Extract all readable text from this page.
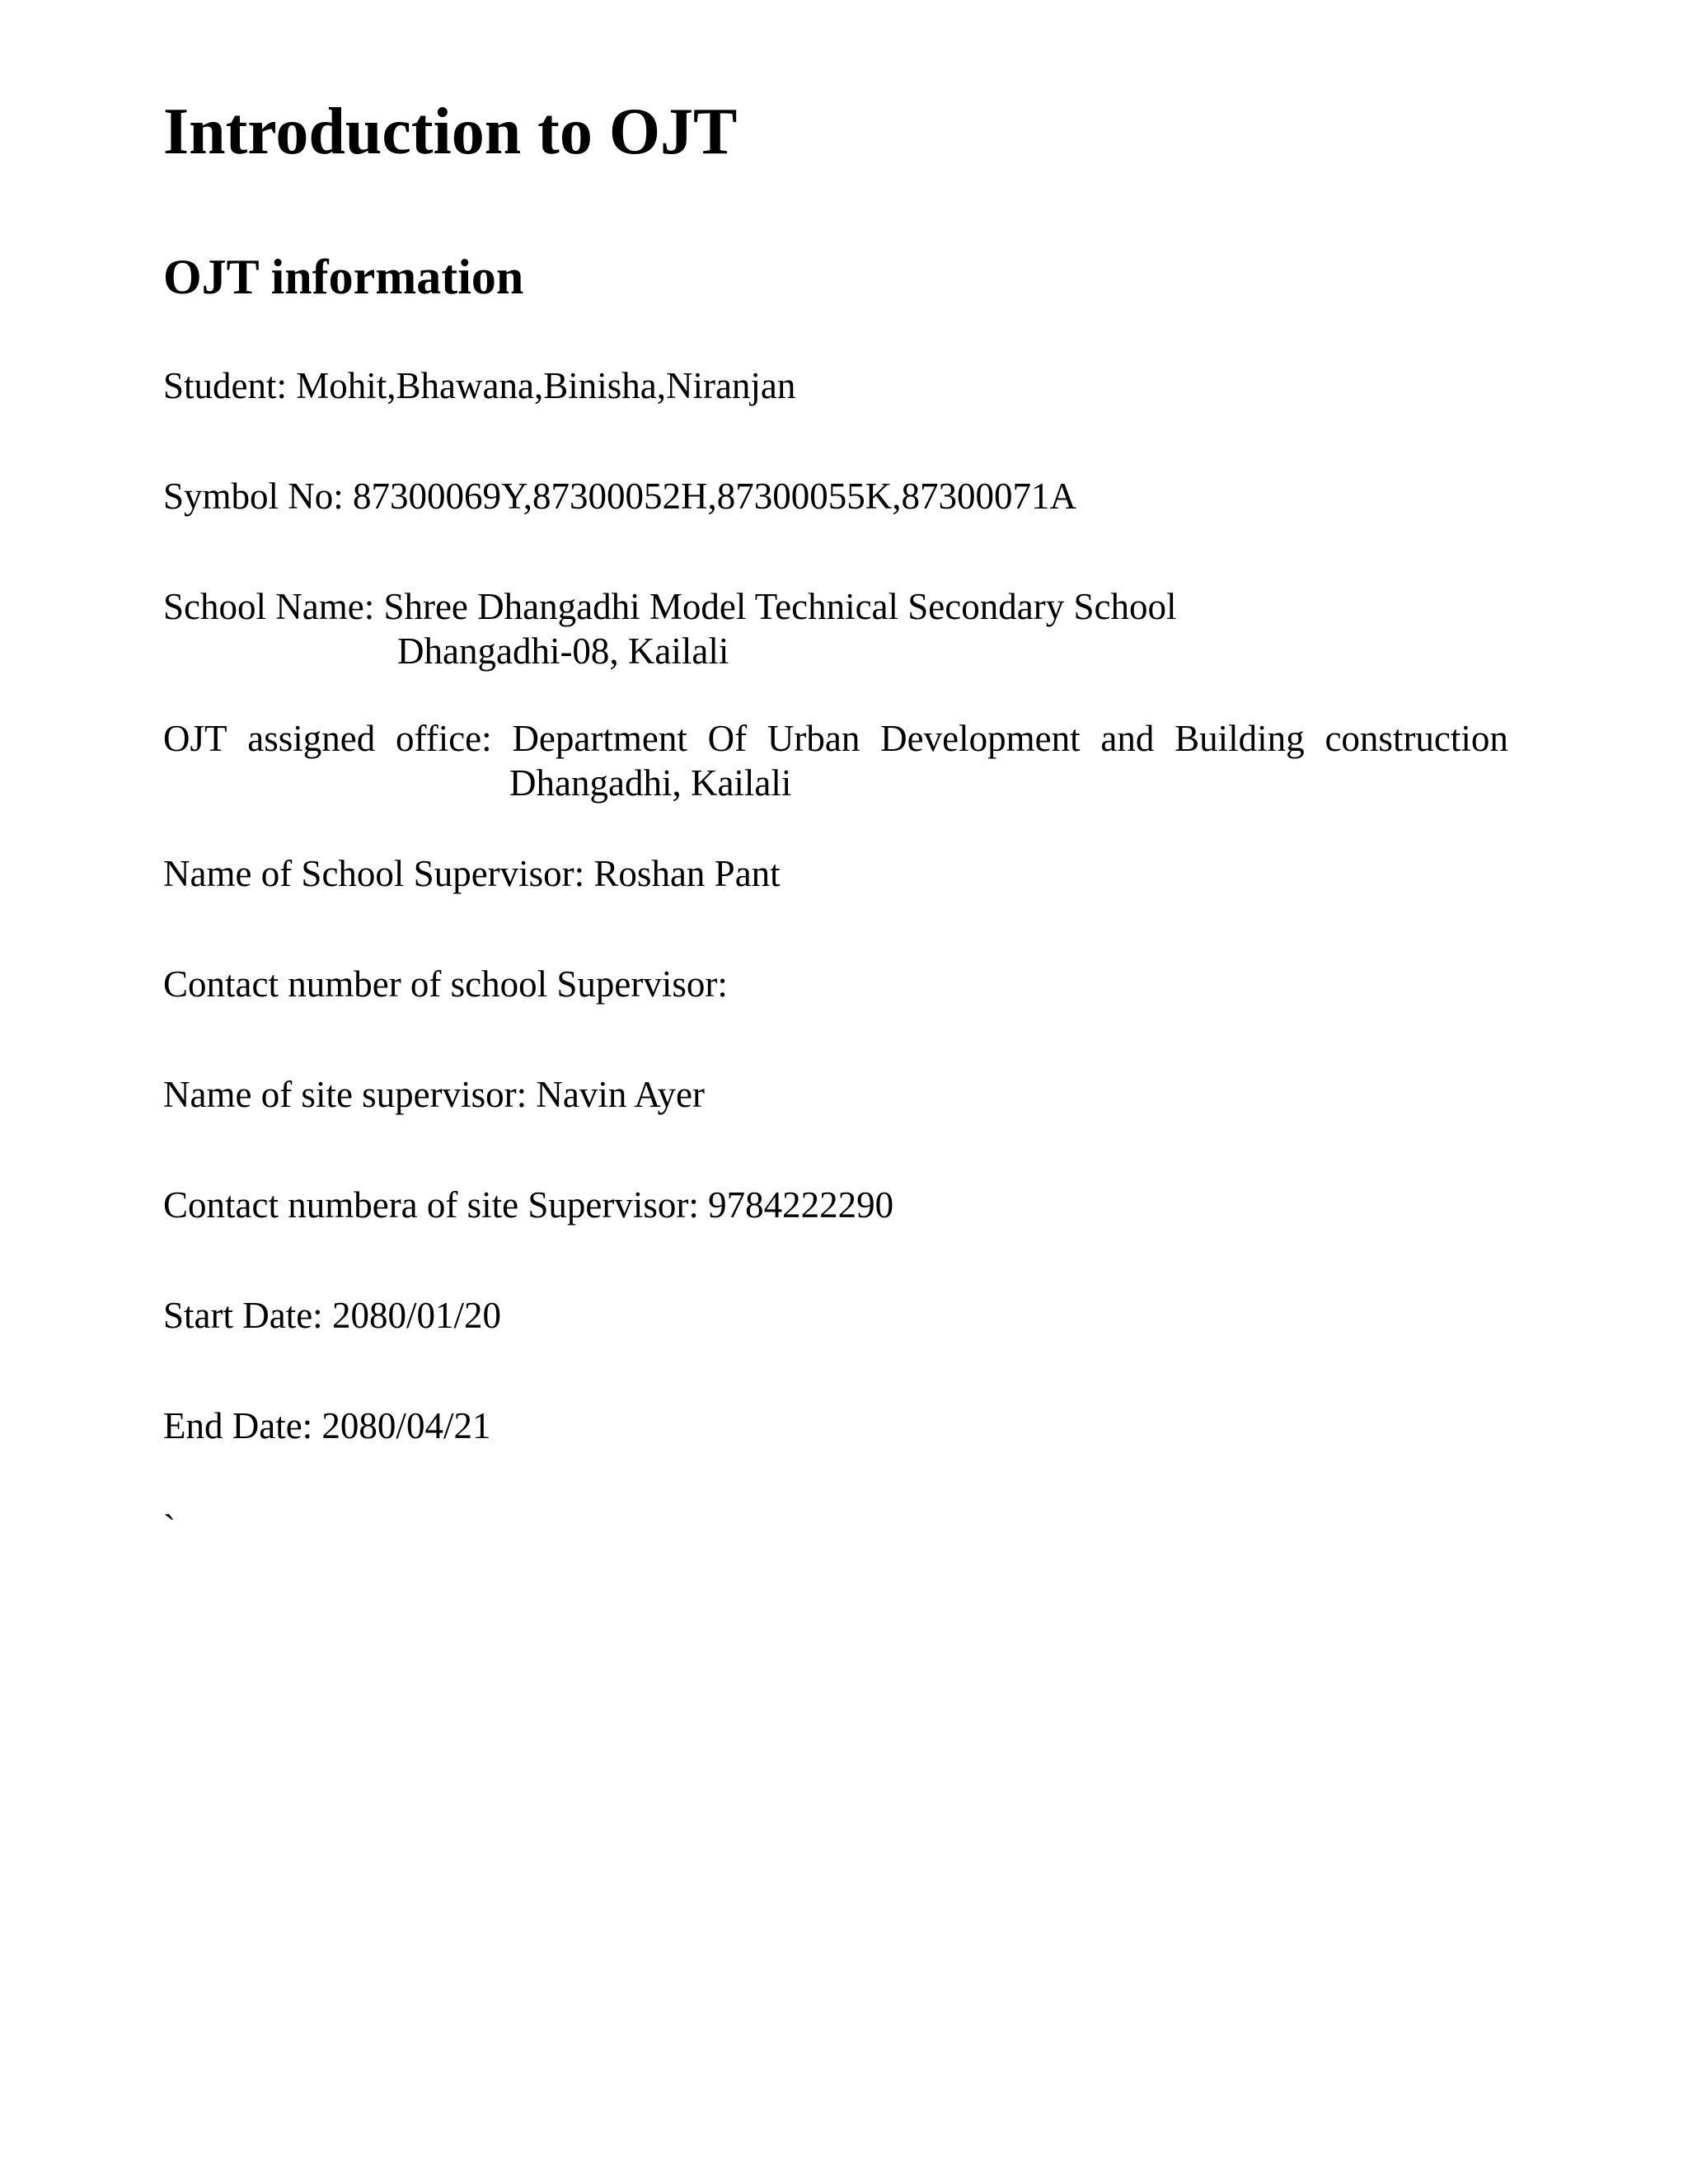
Introduction to OJT
OJT information

Student: Mohit,Bhawana,Binisha,Niranjan

Symbol No: 87300069Y,87300052H,87300055K,87300071A

School Name: Shree Dhangadhi Model Technical Secondary School

Dhangadhi-08, Kailali

OJT assigned office: Department Of Urban Development and Building construction

Dhangadhi, Kailali

Name of School Supervisor: Roshan Pant

Contact number of school Supervisor:

Name of site supervisor: Navin Ayer

Contact numbera of site Supervisor: 9784222290

Start Date: 2080/01/20

End Date: 2080/04/21

`
